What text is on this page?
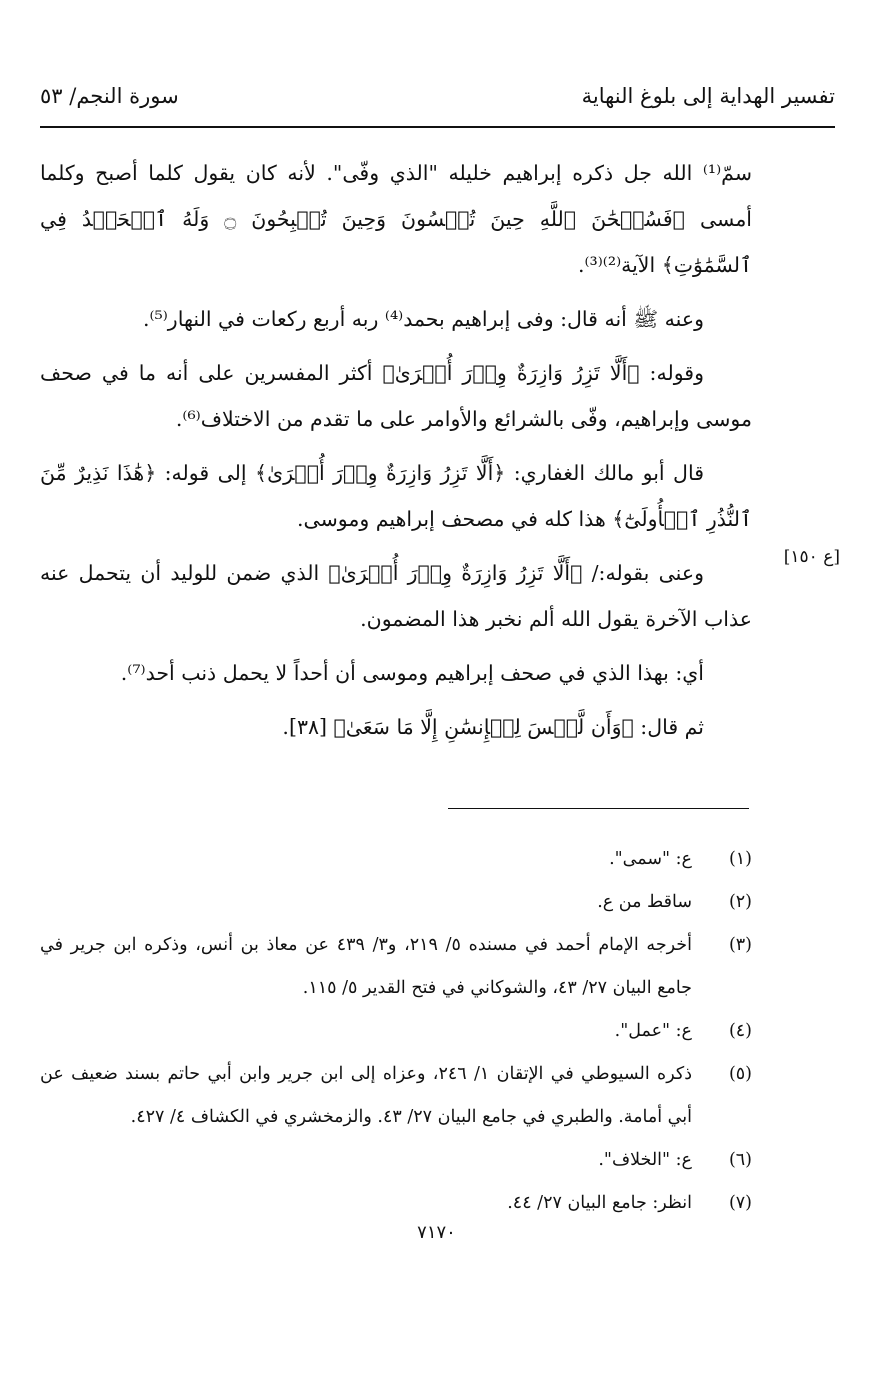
تفسير الهداية إلى بلوغ النهاية
سورة النجم/ ٥٣

سمّ⁽¹⁾ الله جل ذكره إبراهيم خليله "الذي وفّى". لأنه كان يقول كلما أصبح وكلما أمسى ﴿فَسُبۡحَٰنَ ٱللَّهِ حِينَ تُمۡسُونَ وَحِينَ تُصۡبِحُونَ ۝ وَلَهُ ٱلۡحَمۡدُ فِي ٱلسَّمَٰوَٰتِ﴾ الآية⁽²⁾⁽³⁾.

وعنه ﷺ أنه قال: وفى إبراهيم بحمد⁽⁴⁾ ربه أربع ركعات في النهار⁽⁵⁾.

وقوله: ﴿أَلَّا تَزِرُ وَازِرَةٌ وِزۡرَ أُخۡرَىٰ﴾ أكثر المفسرين على أنه ما في صحف موسى وإبراهيم، وفّى بالشرائع والأوامر على ما تقدم من الاختلاف⁽⁶⁾.

قال أبو مالك الغفاري: ﴿أَلَّا تَزِرُ وَازِرَةٌ وِزۡرَ أُخۡرَىٰ﴾ إلى قوله: ﴿هَٰذَا نَذِيرٌ مِّنَ ٱلنُّذُرِ ٱلۡأُولَىٰٓ﴾ هذا كله في مصحف إبراهيم وموسى.

وعنى بقوله:/ ﴿أَلَّا تَزِرُ وَازِرَةٌ وِزۡرَ أُخۡرَىٰ﴾ الذي ضمن للوليد أن يتحمل عنه عذاب الآخرة يقول الله ألم نخبر هذا المضمون.

أي: بهذا الذي في صحف إبراهيم وموسى أن أحداً لا يحمل ذنب أحد⁽⁷⁾.

ثم قال: ﴿وَأَن لَّيۡسَ لِلۡإِنسَٰنِ إِلَّا مَا سَعَىٰ﴾ [٣٨].

[ع ١٥٠]
(١)
ع: "سمى".
(٢)
ساقط من ع.
(٣)
أخرجه الإمام أحمد في مسنده ٥/ ٢١٩، و٣/ ٤٣٩ عن معاذ بن أنس، وذكره ابن جرير في جامع البيان ٢٧/ ٤٣، والشوكاني في فتح القدير ٥/ ١١٥.
(٤)
ع: "عمل".
(٥)
ذكره السيوطي في الإتقان ١/ ٢٤٦، وعزاه إلى ابن جرير وابن أبي حاتم بسند ضعيف عن أبي أمامة. والطبري في جامع البيان ٢٧/ ٤٣. والزمخشري في الكشاف ٤/ ٤٢٧.
(٦)
ع: "الخلاف".
(٧)
انظر: جامع البيان ٢٧/ ٤٤.
٧١٧٠
